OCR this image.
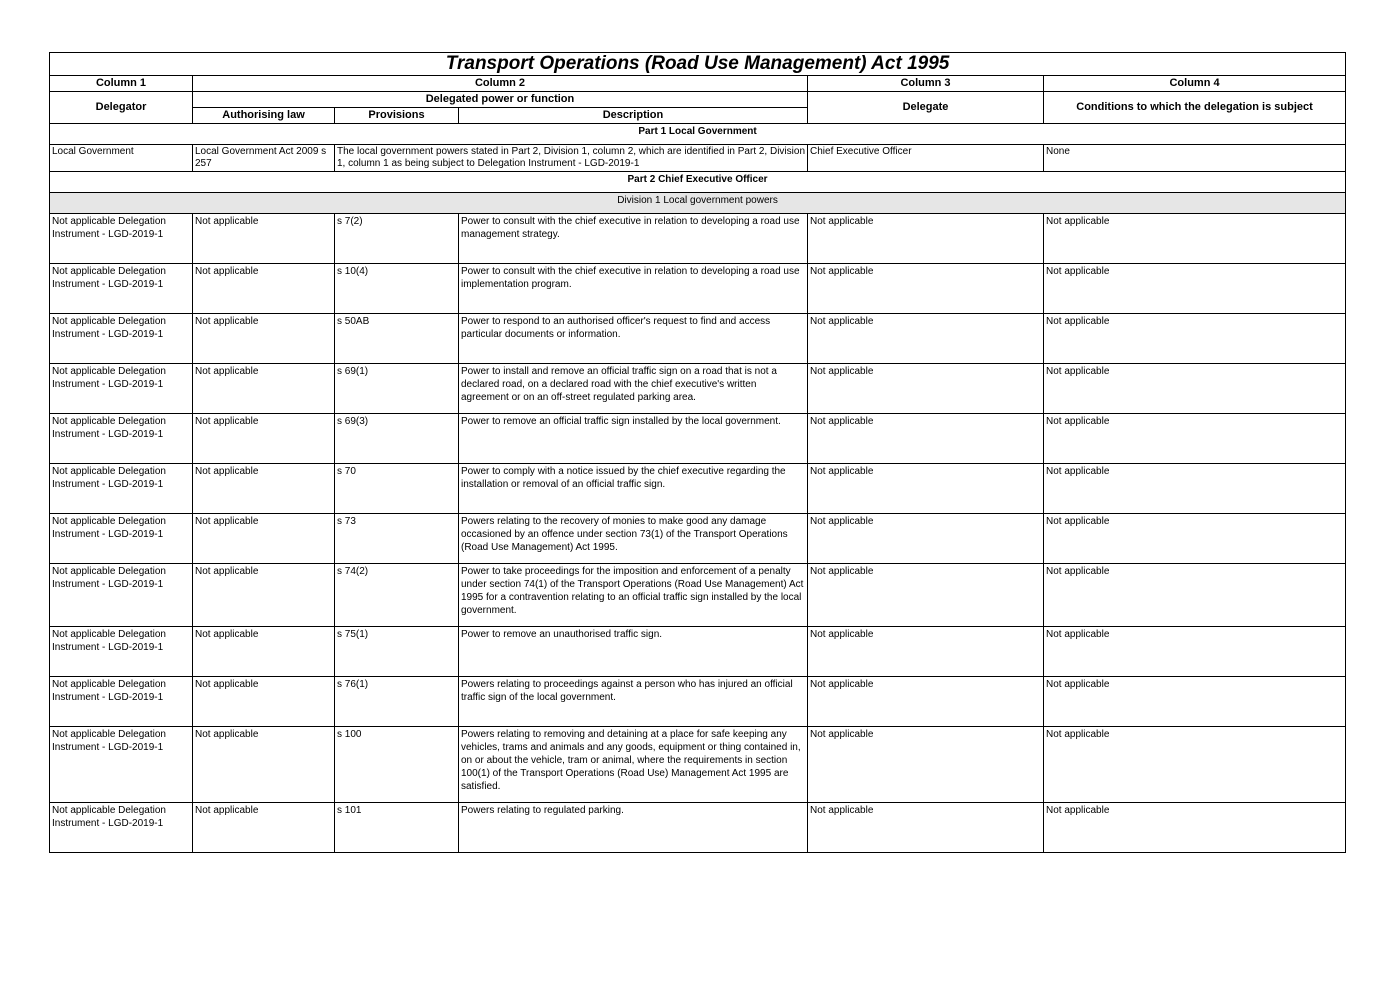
Transport Operations (Road Use Management) Act 1995					
Column 1	Column 2			Column 3	Column 4
Delegator	Delegated power or function			Delegate	Conditions to which the delegation is subject
	Authorising law	Provisions	Description		
Part 1 Local Government					
Local Government	Local Government Act 2009 s 257	The local government powers stated in Part 2, Division 1, column 2, which are identified in Part 2, Division 1, column 1 as being subject to Delegation Instrument - LGD-2019-1		Chief Executive Officer	None
Part 2 Chief Executive Officer					
Division 1 Local government powers					
Not applicable Delegation Instrument - LGD-2019-1	Not applicable	s 7(2)	Power to consult with the chief executive in relation to developing a road use management strategy.	Not applicable	Not applicable
Not applicable Delegation Instrument - LGD-2019-1	Not applicable	s 10(4)	Power to consult with the chief executive in relation to developing a road use implementation program.	Not applicable	Not applicable
Not applicable Delegation Instrument - LGD-2019-1	Not applicable	s 50AB	Power to respond to an authorised officer's request to find and access particular documents or information.	Not applicable	Not applicable
Not applicable Delegation Instrument - LGD-2019-1	Not applicable	s 69(1)	Power to install and remove an official traffic sign on a road that is not a declared road, on a declared road with the chief executive's written agreement or on an off-street regulated parking area.	Not applicable	Not applicable
Not applicable Delegation Instrument - LGD-2019-1	Not applicable	s 69(3)	Power to remove an official traffic sign installed by the local government.	Not applicable	Not applicable
Not applicable Delegation Instrument - LGD-2019-1	Not applicable	s 70	Power to comply with a notice issued by the chief executive regarding the installation or removal of an official traffic sign.	Not applicable	Not applicable
Not applicable Delegation Instrument - LGD-2019-1	Not applicable	s 73	Powers relating to the recovery of monies to make good any damage occasioned by an offence under section 73(1) of the Transport Operations (Road Use Management) Act 1995.	Not applicable	Not applicable
Not applicable Delegation Instrument - LGD-2019-1	Not applicable	s 74(2)	Power to take proceedings for the imposition and enforcement of a penalty under section 74(1) of the Transport Operations (Road Use Management) Act 1995 for a contravention relating to an official traffic sign installed by the local government.	Not applicable	Not applicable
Not applicable Delegation Instrument - LGD-2019-1	Not applicable	s 75(1)	Power to remove an unauthorised traffic sign.	Not applicable	Not applicable
Not applicable Delegation Instrument - LGD-2019-1	Not applicable	s 76(1)	Powers relating to proceedings against a person who has injured an official traffic sign of the local government.	Not applicable	Not applicable
Not applicable Delegation Instrument - LGD-2019-1	Not applicable	s 100	Powers relating to removing and detaining at a place for safe keeping any vehicles, trams and animals and any goods, equipment or thing contained in, on or about the vehicle, tram or animal, where the requirements in section 100(1) of the Transport Operations (Road Use) Management Act 1995 are satisfied.	Not applicable	Not applicable
Not applicable Delegation Instrument - LGD-2019-1	Not applicable	s 101	Powers relating to regulated parking.	Not applicable	Not applicable
